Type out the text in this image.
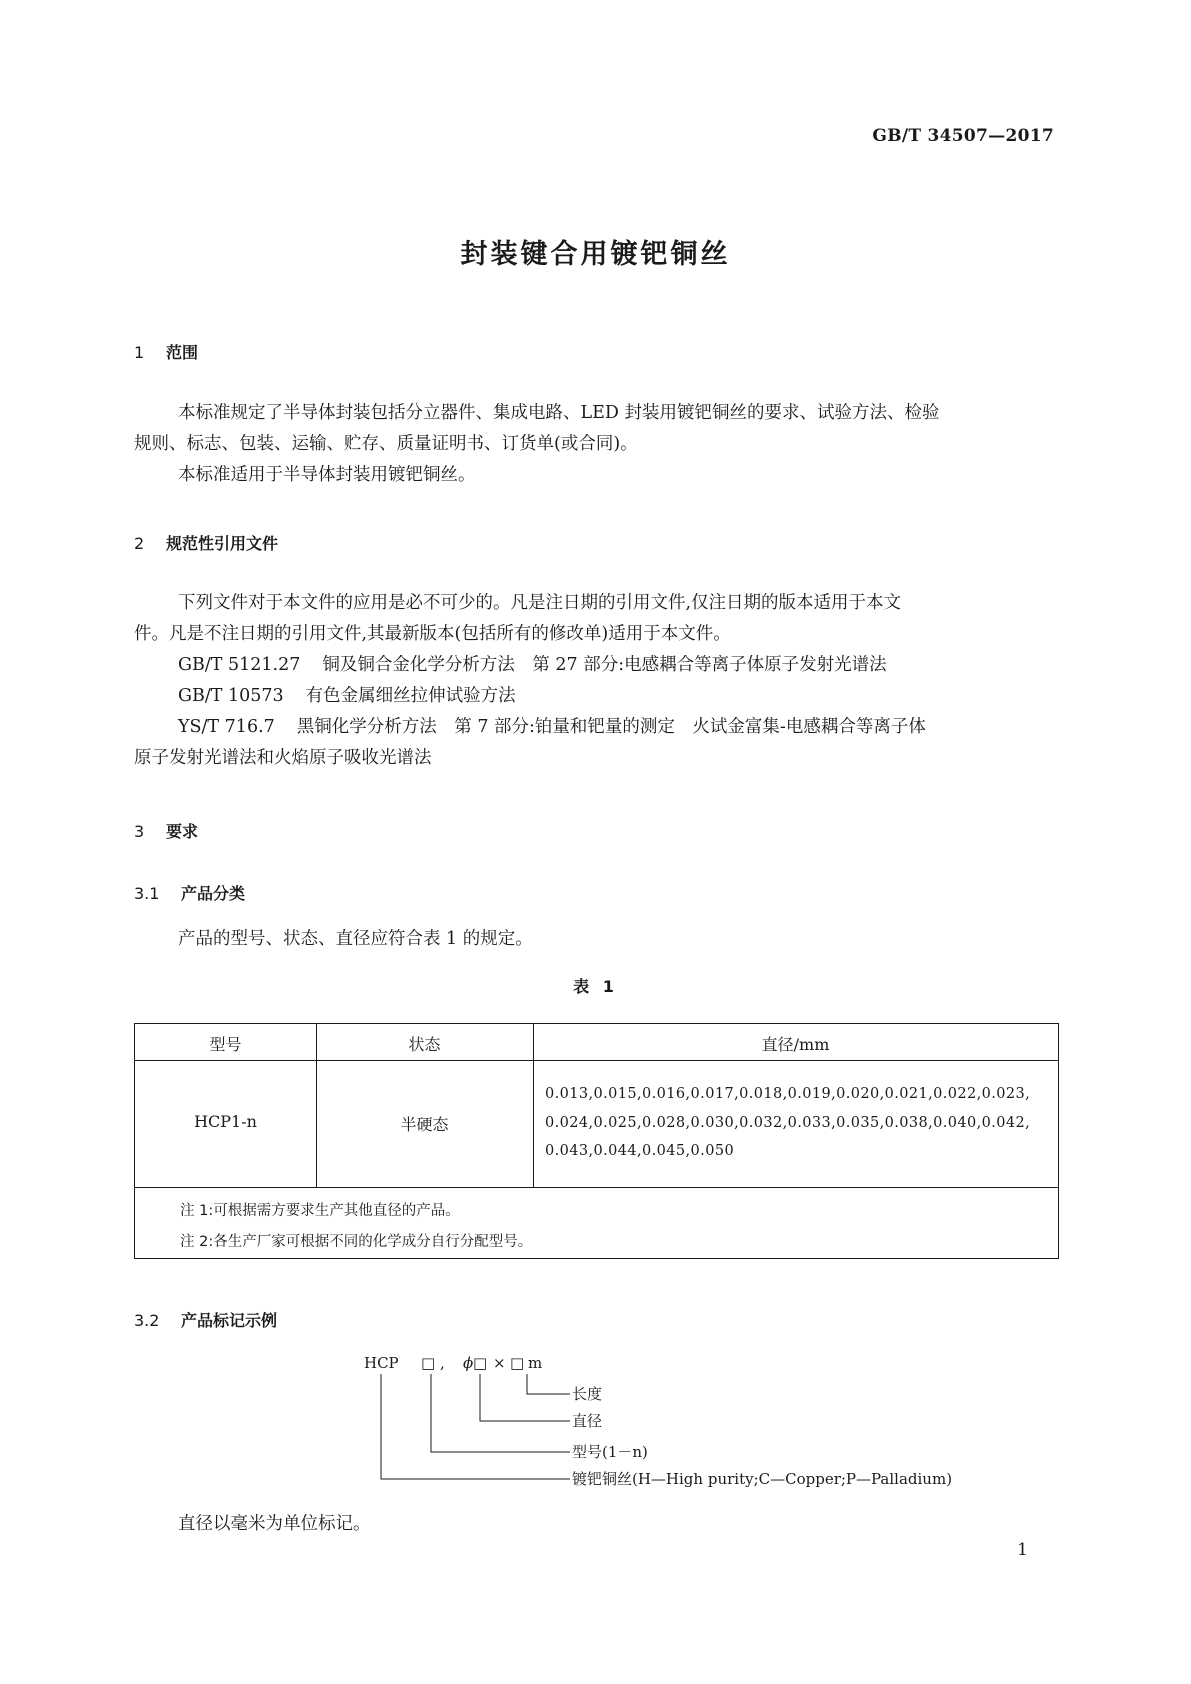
GB/T 34507—2017
封装键合用镀钯铜丝
1 范围
本标准规定了半导体封装包括分立器件、集成电路、LED 封装用镀钯铜丝的要求、试验方法、检验
规则、标志、包装、运输、贮存、质量证明书、订货单(或合同)。
本标准适用于半导体封装用镀钯铜丝。
2 规范性引用文件
下列文件对于本文件的应用是必不可少的。凡是注日期的引用文件,仅注日期的版本适用于本文
件。凡是不注日期的引用文件,其最新版本(包括所有的修改单)适用于本文件。
GB/T 5121.27 铜及铜合金化学分析方法　第 27 部分:电感耦合等离子体原子发射光谱法
GB/T 10573 有色金属细丝拉伸试验方法
YS/T 716.7 黑铜化学分析方法　第 7 部分:铂量和钯量的测定　火试金富集-电感耦合等离子体
原子发射光谱法和火焰原子吸收光谱法
3 要求
3.1 产品分类
产品的型号、状态、直径应符合表 1 的规定。
表 1
型号	状态	直径/mm
HCP1-n	半硬态
0.013,0.015,0.016,0.017,0.018,0.019,0.020,0.021,0.022,0.023,
0.024,0.025,0.028,0.030,0.032,0.033,0.035,0.038,0.040,0.042,
0.043,0.044,0.045,0.050
注 1:可根据需方要求生产其他直径的产品。
注 2:各生产厂家可根据不同的化学成分自行分配型号。
3.2 产品标记示例
HCP □ , ϕ □ × □ m
长度
直径
型号(1－n)
镀钯铜丝(H—High purity;C—Copper;P—Palladium)
直径以毫米为单位标记。
1
